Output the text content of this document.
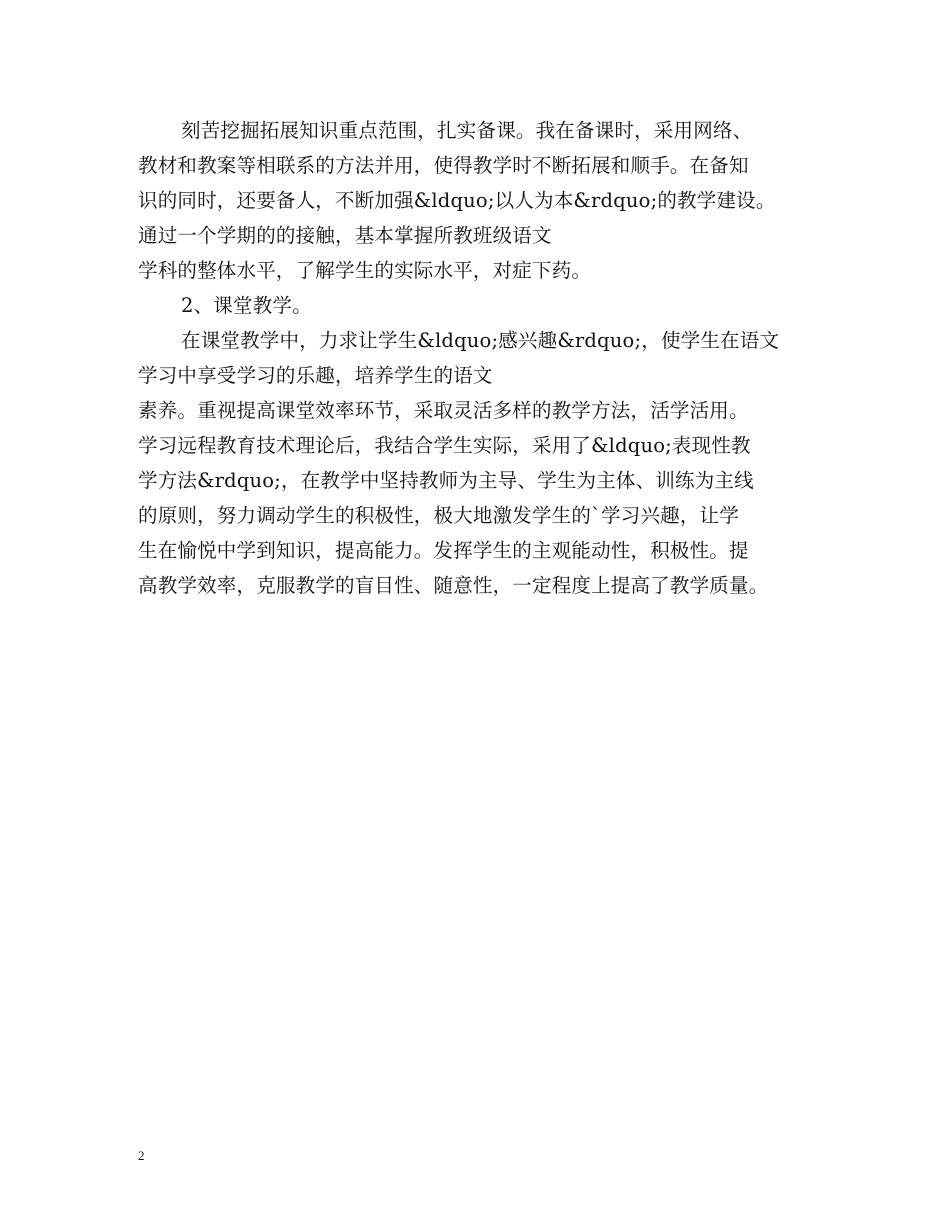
刻苦挖掘拓展知识重点范围，扎实备课。我在备课时，采用网络、
教材和教案等相联系的方法并用，使得教学时不断拓展和顺手。在备知
识的同时，还要备人，不断加强&ldquo;以人为本&rdquo;的教学建设。
通过一个学期的的接触，基本掌握所教班级语文
学科的整体水平，了解学生的实际水平，对症下药。
2、课堂教学。
在课堂教学中，力求让学生&ldquo;感兴趣&rdquo;，使学生在语文
学习中享受学习的乐趣，培养学生的语文
素养。重视提高课堂效率环节，采取灵活多样的教学方法，活学活用。
学习远程教育技术理论后，我结合学生实际，采用了&ldquo;表现性教
学方法&rdquo;，在教学中坚持教师为主导、学生为主体、训练为主线
的原则，努力调动学生的积极性，极大地激发学生的`学习兴趣，让学
生在愉悦中学到知识，提高能力。发挥学生的主观能动性，积极性。提
高教学效率，克服教学的盲目性、随意性，一定程度上提高了教学质量。
2
